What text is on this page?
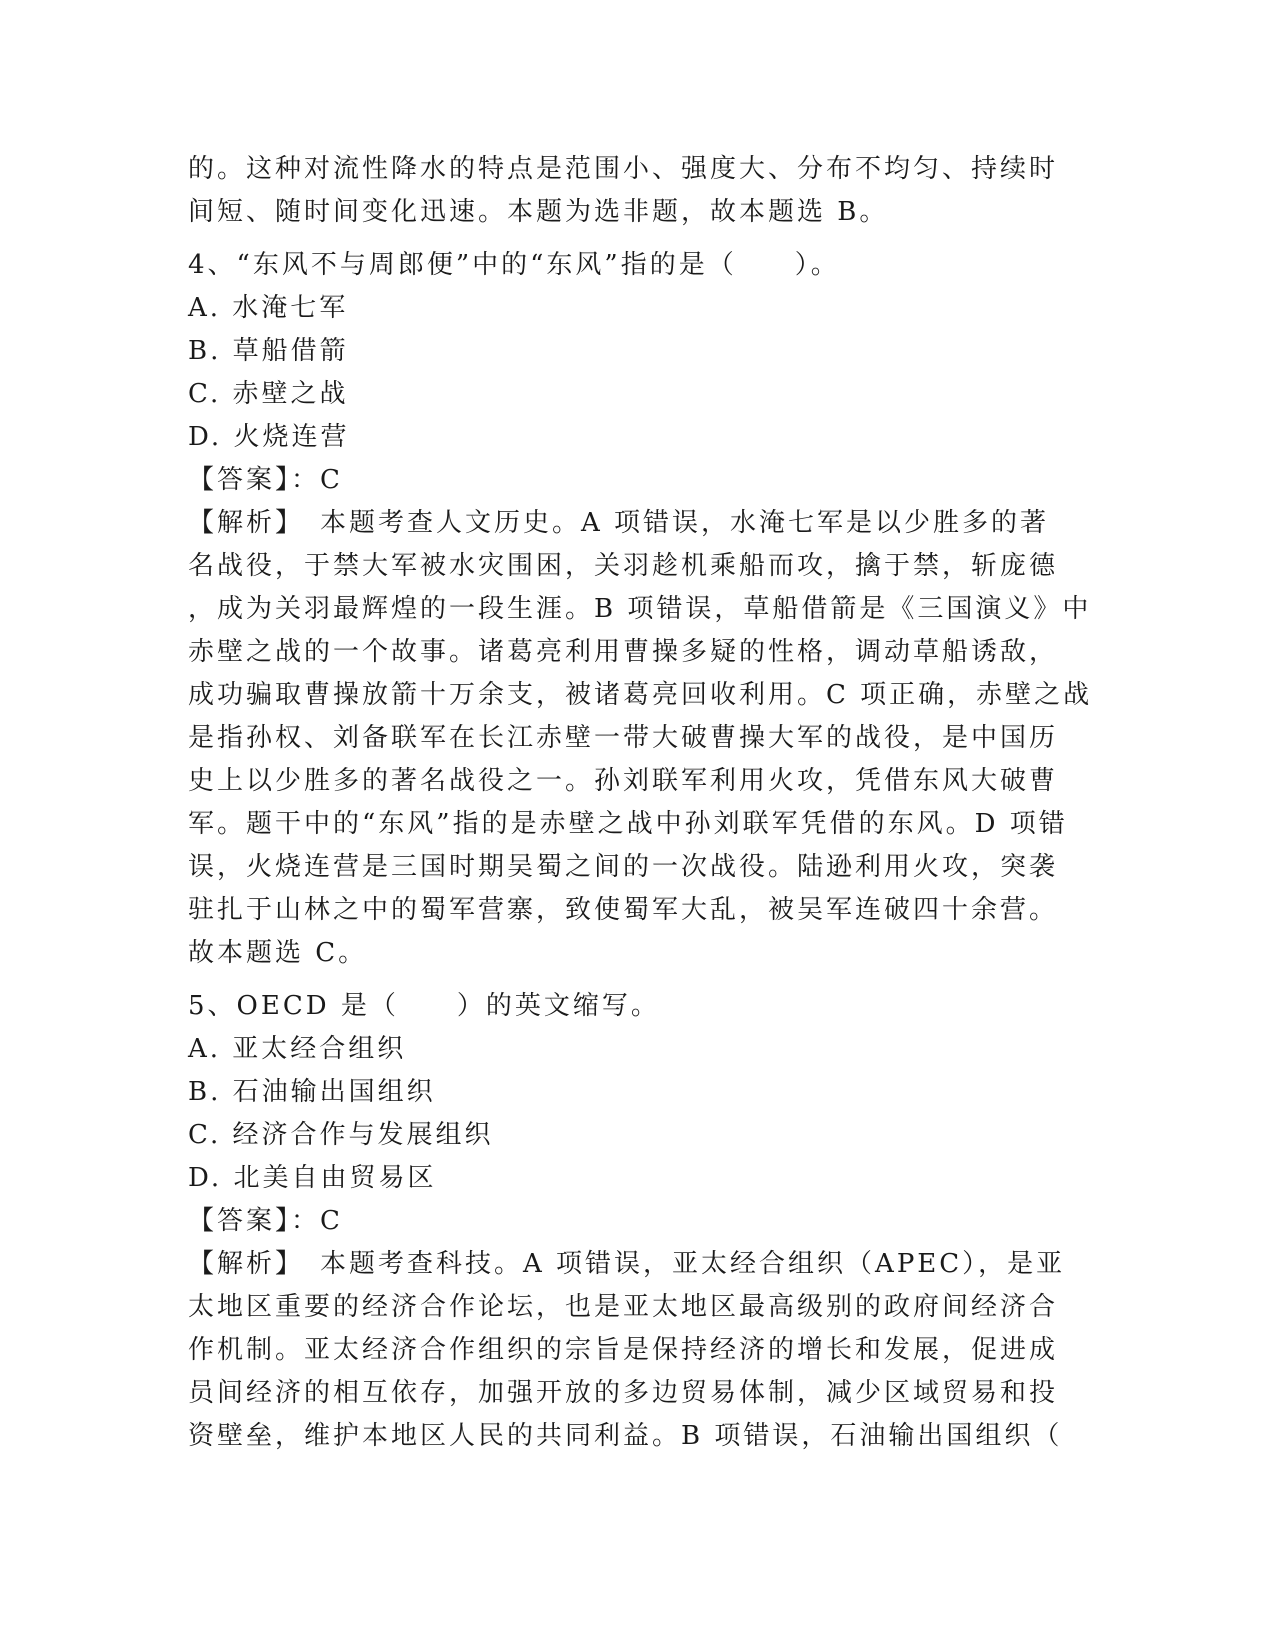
的。这种对流性降水的特点是范围小、强度大、分布不均匀、持续时
间短、随时间变化迅速。本题为选非题，故本题选 B。
4、“东风不与周郎便”中的“东风”指的是（　　）。
A. 水淹七军
B. 草船借箭
C. 赤壁之战
D. 火烧连营
【答案】：C
【解析】　本题考查人文历史。A 项错误，水淹七军是以少胜多的著
名战役，于禁大军被水灾围困，关羽趁机乘船而攻，擒于禁，斩庞德
，成为关羽最辉煌的一段生涯。B 项错误，草船借箭是《三国演义》中
赤壁之战的一个故事。诸葛亮利用曹操多疑的性格，调动草船诱敌，
成功骗取曹操放箭十万余支，被诸葛亮回收利用。C 项正确，赤壁之战
是指孙权、刘备联军在长江赤壁一带大破曹操大军的战役，是中国历
史上以少胜多的著名战役之一。孙刘联军利用火攻，凭借东风大破曹
军。题干中的“东风”指的是赤壁之战中孙刘联军凭借的东风。D 项错
误，火烧连营是三国时期吴蜀之间的一次战役。陆逊利用火攻，突袭
驻扎于山林之中的蜀军营寨，致使蜀军大乱，被吴军连破四十余营。
故本题选 C。
5、OECD 是（　　）的英文缩写。
A. 亚太经合组织
B. 石油输出国组织
C. 经济合作与发展组织
D. 北美自由贸易区
【答案】：C
【解析】　本题考查科技。A 项错误，亚太经合组织（APEC），是亚
太地区重要的经济合作论坛，也是亚太地区最高级别的政府间经济合
作机制。亚太经济合作组织的宗旨是保持经济的增长和发展，促进成
员间经济的相互依存，加强开放的多边贸易体制，减少区域贸易和投
资壁垒，维护本地区人民的共同利益。B 项错误，石油输出国组织（
